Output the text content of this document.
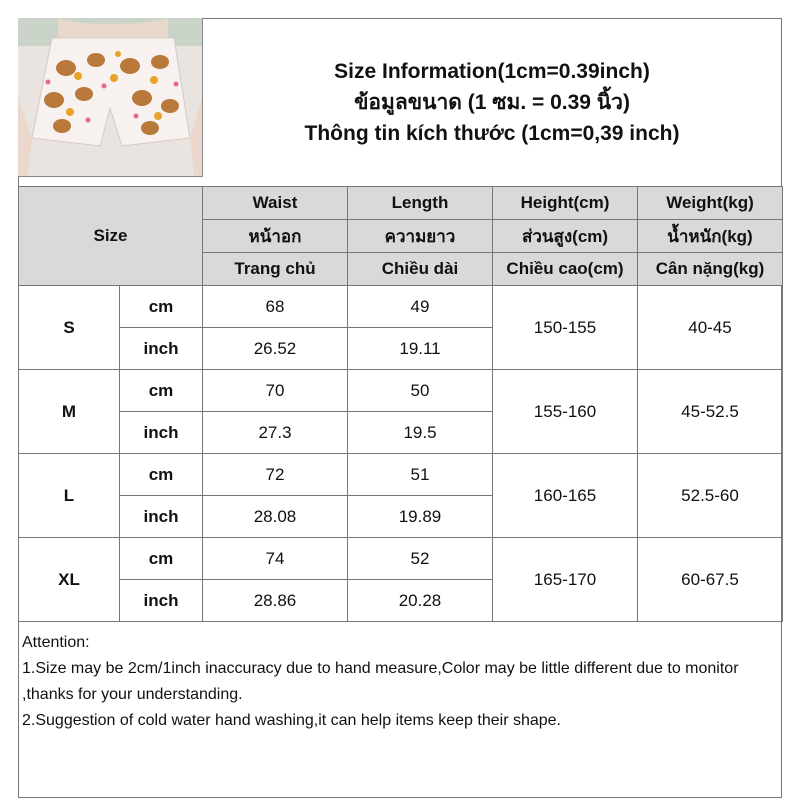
Size Information(1cm=0.39inch)
ข้อมูลขนาด (1 ซม. = 0.39 นิ้ว)
Thông tin kích thước (1cm=0,39 inch)
Size		Waist	Length	Height(cm)	Weight(kg)
		หน้าอก	ความยาว	ส่วนสูง(cm)	น้ำหนัก(kg)
		Trang chủ	Chiều dài	Chiều cao(cm)	Cân nặng(kg)
S	cm	68	49	150-155	40-45
	inch	26.52	19.11		
M	cm	70	50	155-160	45-52.5
	inch	27.3	19.5		
L	cm	72	51	160-165	52.5-60
	inch	28.08	19.89		
XL	cm	74	52	165-170	60-67.5
	inch	28.86	20.28		
Attention:
1.Size may be 2cm/1inch inaccuracy due to hand measure,Color may be little different due to monitor ,thanks for your understanding.
2.Suggestion of cold water hand washing,it can help items keep their shape.
